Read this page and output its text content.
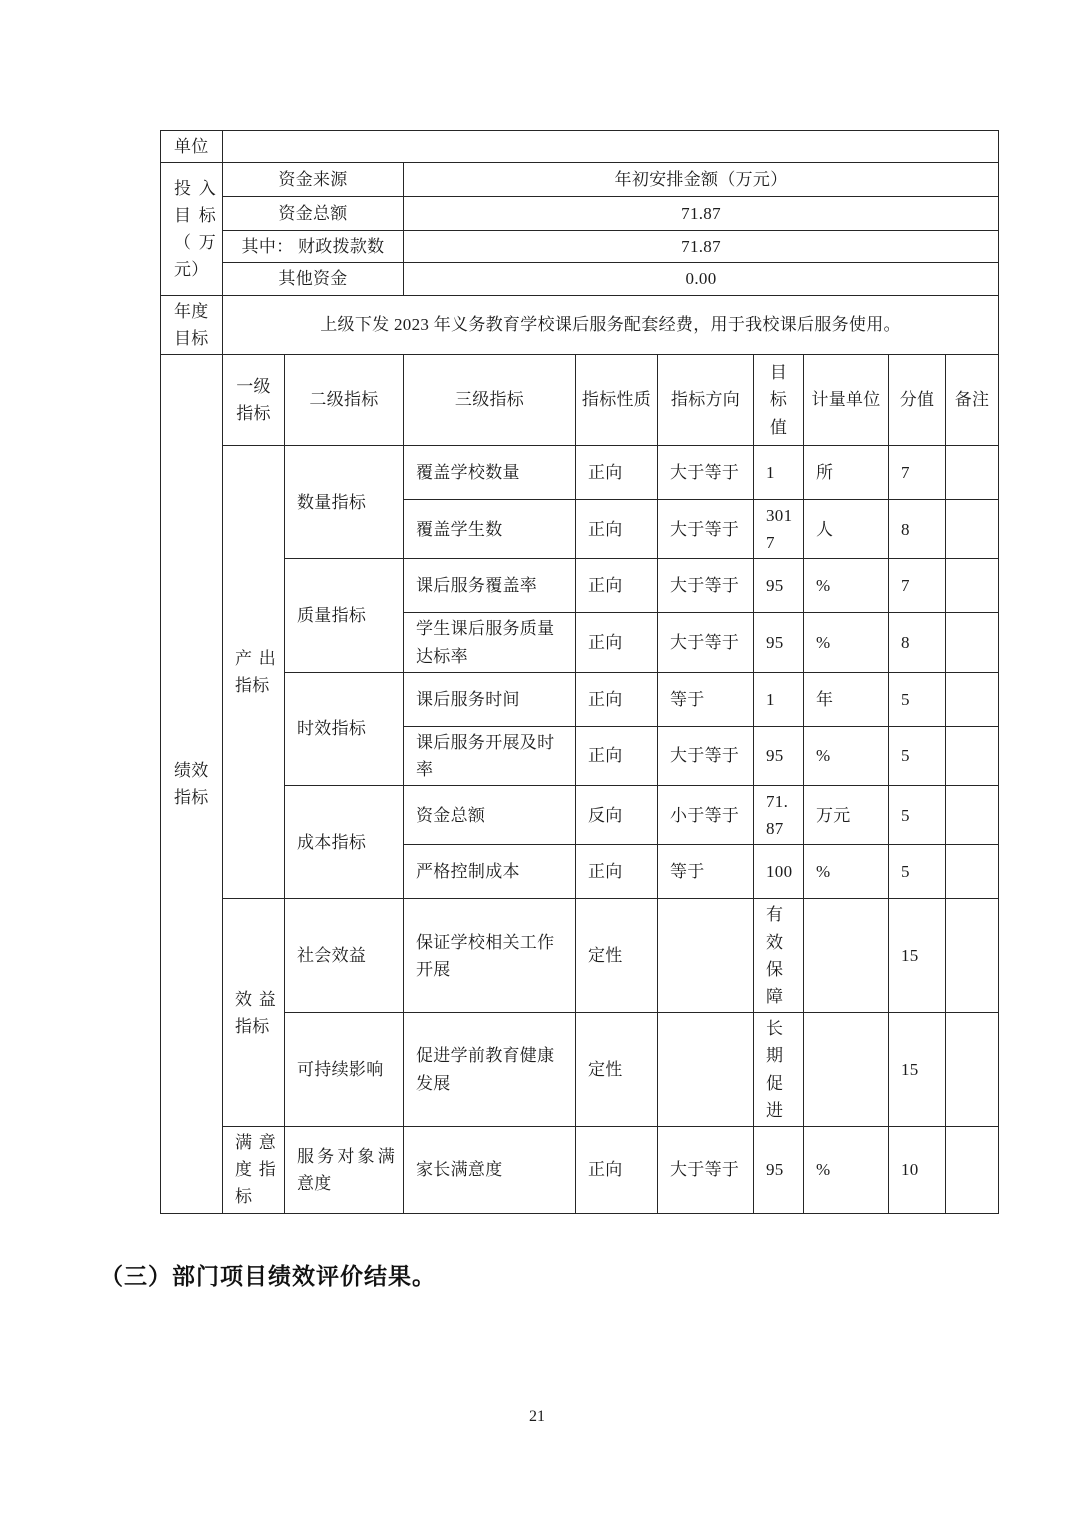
单位									
投入目标（万元）	资金来源		年初安排金额（万元）						
	资金总额		71.87						
	其中： 财政拨款数		71.87						
	其他资金		0.00						
年度目标	上级下发 2023 年义务教育学校课后服务配套经费，用于我校课后服务使用。								
绩效指标	一级指标	二级指标	三级指标	指标性质	指标方向	目标值	计量单位	分值	备注
	产出指标	数量指标	覆盖学校数量	正向	大于等于	1	所	7	
			覆盖学生数	正向	大于等于	3017	人	8	
		质量指标	课后服务覆盖率	正向	大于等于	95	%	7	
			学生课后服务质量达标率	正向	大于等于	95	%	8	
		时效指标	课后服务时间	正向	等于	1	年	5	
			课后服务开展及时率	正向	大于等于	95	%	5	
		成本指标	资金总额	反向	小于等于	71.87	万元	5	
			严格控制成本	正向	等于	100	%	5	
	效益指标	社会效益	保证学校相关工作开展	定性		有效保障		15	
		可持续影响	促进学前教育健康发展	定性		长期促进		15	
	满意度指标	服务对象满意度	家长满意度	正向	大于等于	95	%	10	
（三）部门项目绩效评价结果。
21
